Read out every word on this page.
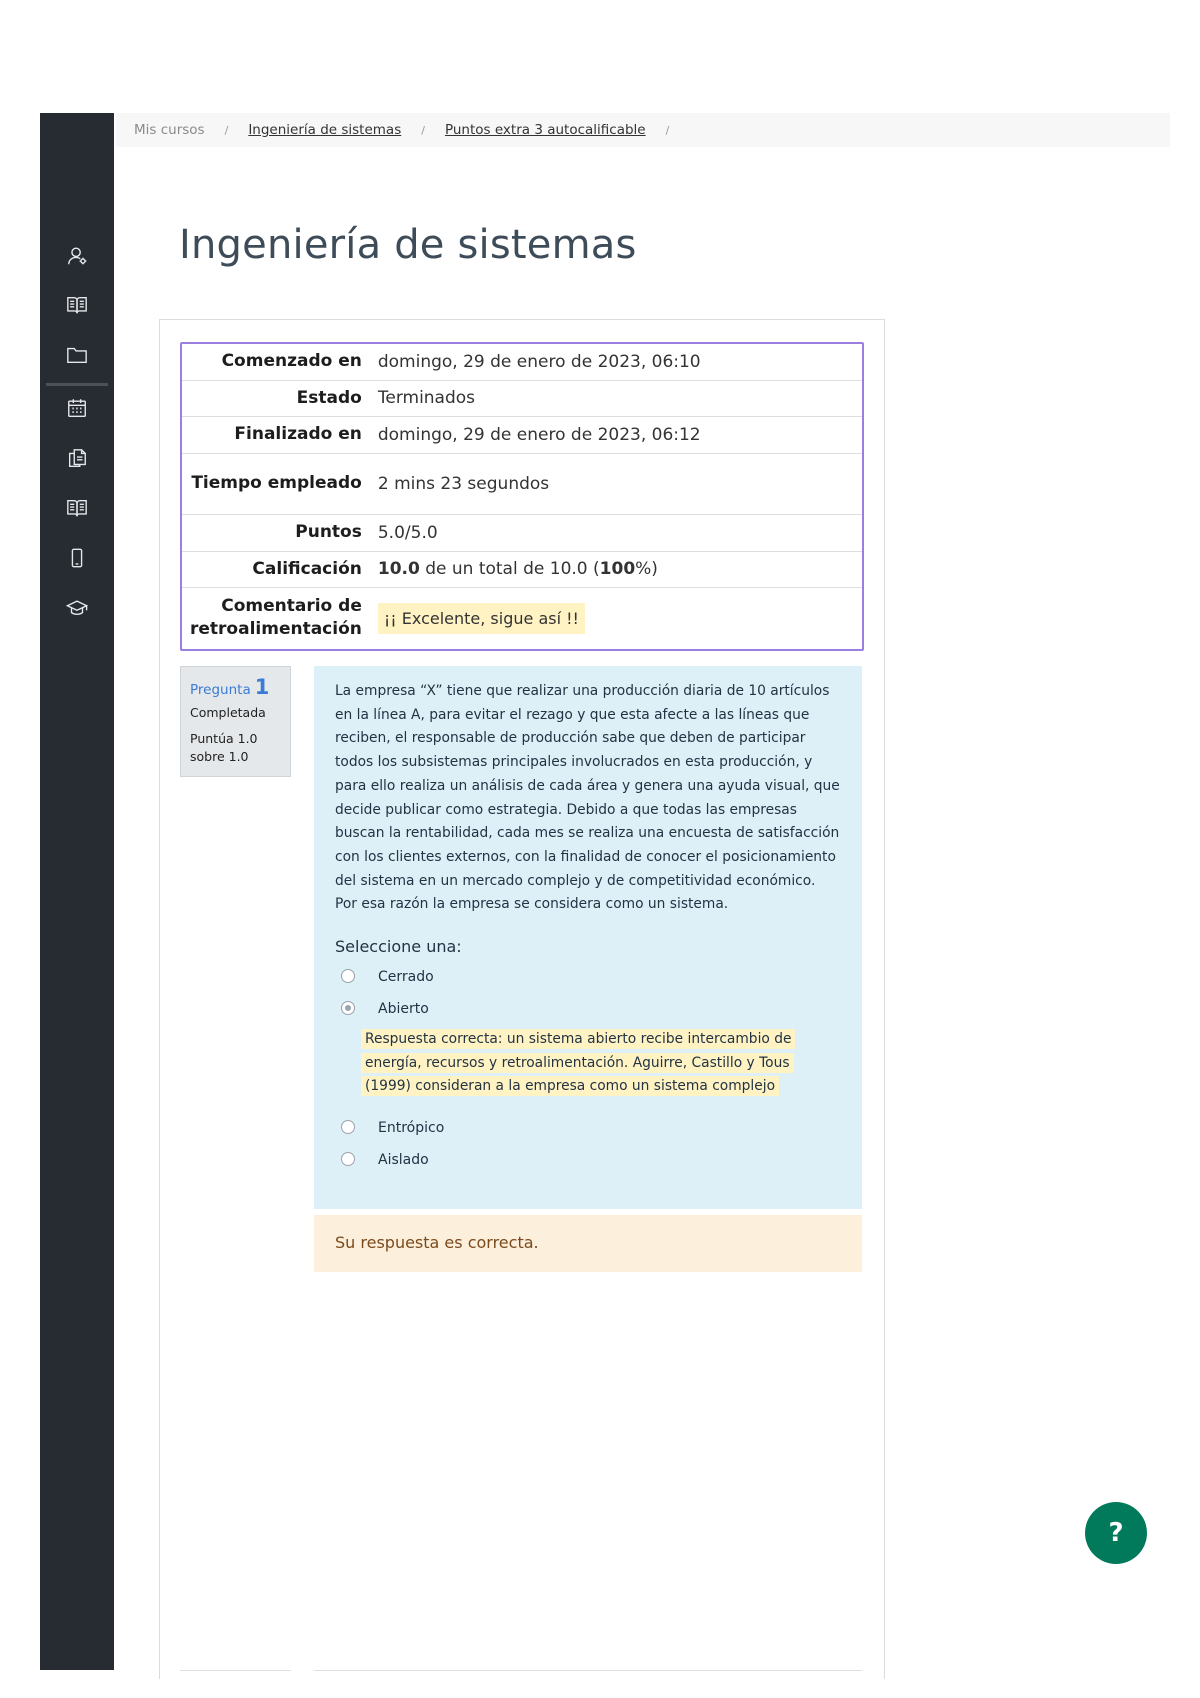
Mis cursos / Ingeniería de sistemas / Puntos extra 3 autocalificable /
Ingeniería de sistemas
Comenzado en	domingo, 29 de enero de 2023, 06:10
Estado	Terminados
Finalizado en	domingo, 29 de enero de 2023, 06:12
Tiempo empleado	2 mins 23 segundos
Puntos	5.0/5.0
Calificación	10.0 de un total de 10.0 (100%)
Comentario de retroalimentación	¡¡ Excelente, sigue así !!
Pregunta 1
Completada
Puntúa 1.0 sobre 1.0
La empresa “X” tiene que realizar una producción diaria de 10 artículos en la línea A, para evitar el rezago y que esta afecte a las líneas que reciben, el responsable de producción sabe que deben de participar todos los subsistemas principales involucrados en esta producción, y para ello realiza un análisis de cada área y genera una ayuda visual, que decide publicar como estrategia. Debido a que todas las empresas buscan la rentabilidad, cada mes se realiza una encuesta de satisfacción con los clientes externos, con la finalidad de conocer el posicionamiento del sistema en un mercado complejo y de competitividad económico. Por esa razón la empresa se considera como un sistema.
Seleccione una:
Cerrado
Abierto
Respuesta correcta: un sistema abierto recibe intercambio de energía, recursos y retroalimentación. Aguirre, Castillo y Tous (1999) consideran a la empresa como un sistema complejo
Entrópico
Aislado
Su respuesta es correcta.
?
